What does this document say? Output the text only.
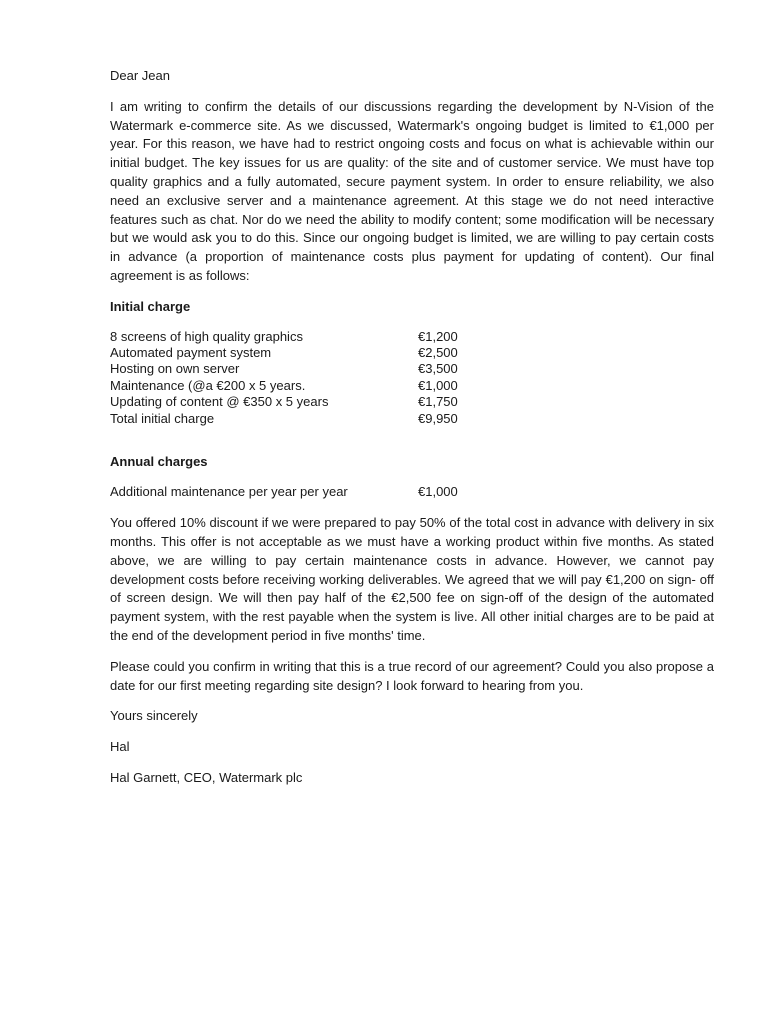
Dear Jean

I am writing to confirm the details of our discussions regarding the development by N-Vision of the Watermark e-commerce site. As we discussed, Watermark's ongoing budget is limited to €1,000 per year. For this reason, we have had to restrict ongoing costs and focus on what is achievable within our initial budget. The key issues for us are quality: of the site and of customer service. We must have top quality graphics and a fully automated, secure payment system. In order to ensure reliability, we also need an exclusive server and a maintenance agreement. At this stage we do not need interactive features such as chat. Nor do we need the ability to modify content; some modification will be necessary but we would ask you to do this. Since our ongoing budget is limited, we are willing to pay certain costs in advance (a proportion of maintenance costs plus payment for updating of content). Our final agreement is as follows:

Initial charge

8 screens of high quality graphics	€1,200
Automated payment system	€2,500
Hosting on own server	€3,500
Maintenance (@a €200 x 5 years.	€1,000
Updating of content @ €350 x 5 years	€1,750
Total initial charge	€9,950

Annual charges

Additional maintenance per year per year	€1,000

You offered 10% discount if we were prepared to pay 50% of the total cost in advance with delivery in six months. This offer is not acceptable as we must have a working product within five months. As stated above, we are willing to pay certain maintenance costs in advance. However, we cannot pay development costs before receiving working deliverables. We agreed that we will pay €1,200 on sign- off of screen design. We will then pay half of the €2,500 fee on sign-off of the design of the automated payment system, with the rest payable when the system is live. All other initial charges are to be paid at the end of the development period in five months' time.

Please could you confirm in writing that this is a true record of our agreement? Could you also propose a date for our first meeting regarding site design? I look forward to hearing from you.

Yours sincerely

Hal

Hal Garnett, CEO, Watermark plc
